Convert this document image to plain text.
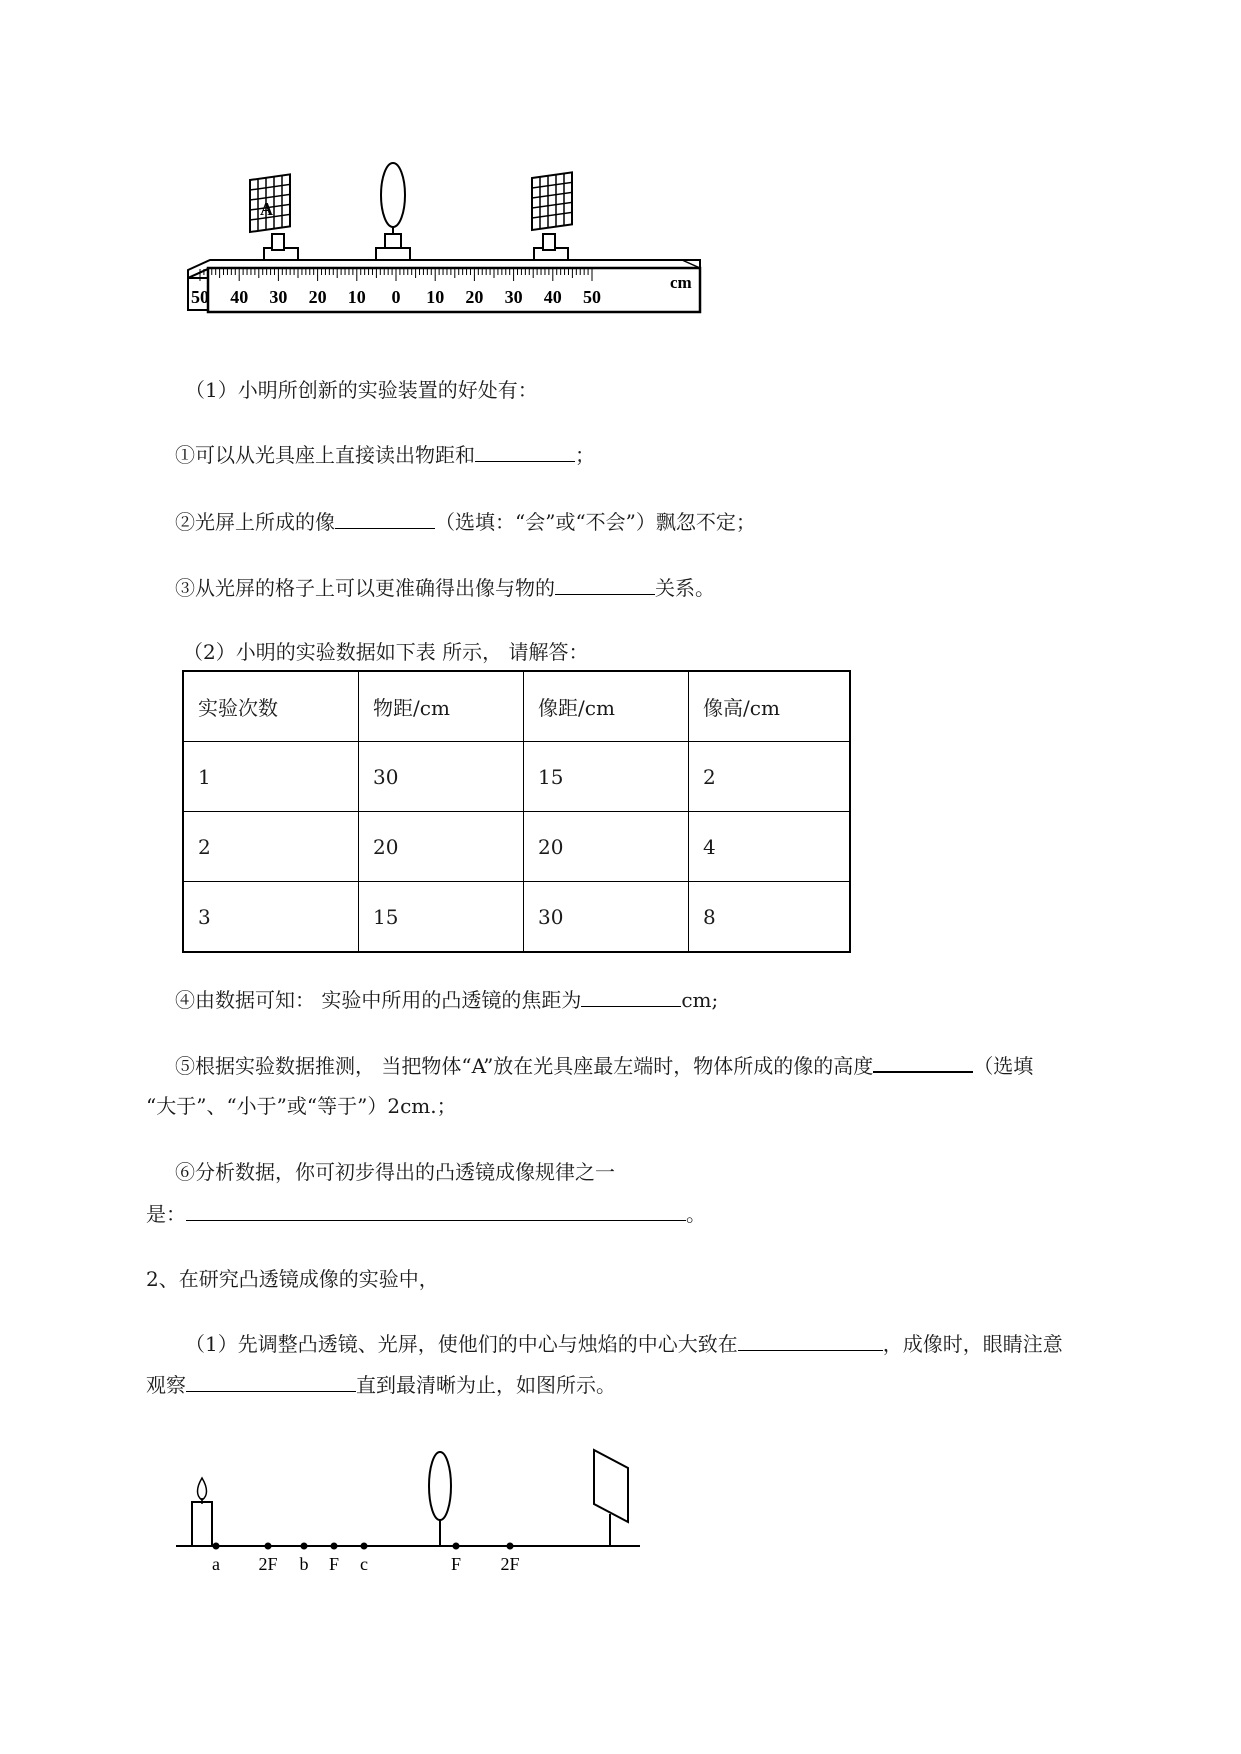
A
cm
50 40 30 20 10 0 10 20 30 40 50
（1）小明所创新的实验装置的好处有：
①可以从光具座上直接读出物距和	；
②光屏上所成的像	（选填：“会”或“不会”）飘忽不定；
③从光屏的格子上可以更准确得出像与物的	关系。
（2）小明的实验数据如下表 所示， 请解答：
实验次数	物距/cm	像距/cm	像高/cm
1	30	15	2
2	20	20	4
3	15	30	8
④由数据可知： 实验中所用的凸透镜的焦距为	cm;
⑤根据实验数据推测， 当把物体“A”放在光具座最左端时，物体所成的像的高度	（选填
“大于”、“小于”或“等于”）2cm.；
⑥分析数据，你可初步得出的凸透镜成像规律之一
是：	。
2、在研究凸透镜成像的实验中，
（1）先调整凸透镜、光屏，使他们的中心与烛焰的中心大致在	，成像时，眼睛注意
观察	直到最清晰为止，如图所示。
a 2F b F c	F 2F
